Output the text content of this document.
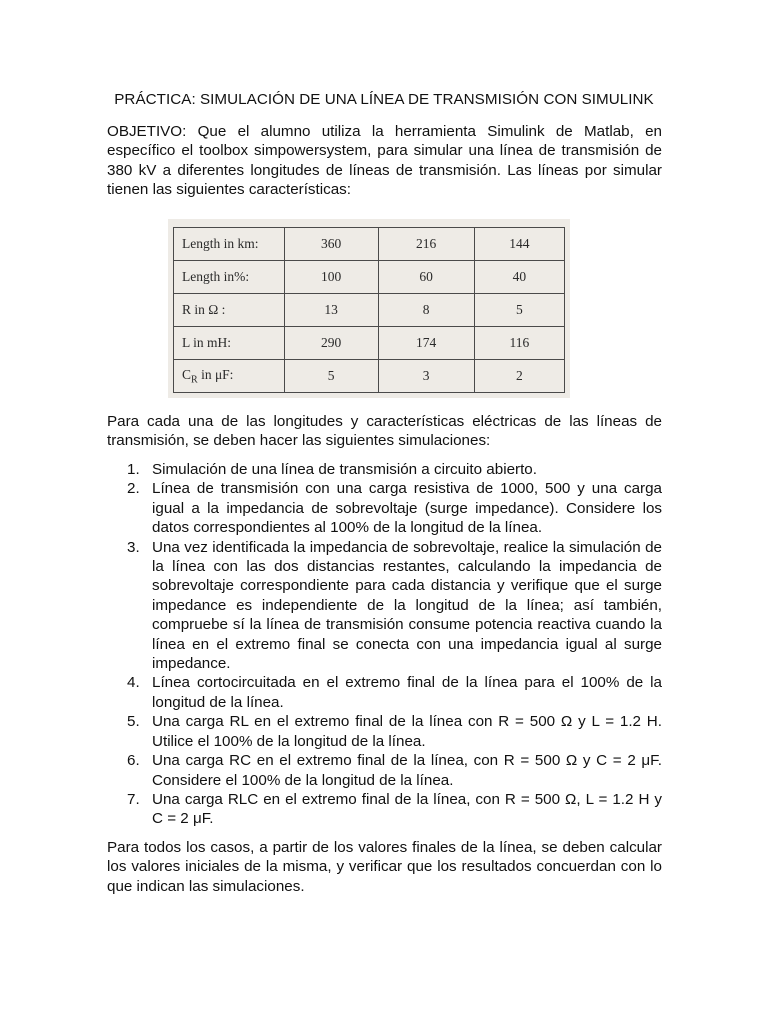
PRÁCTICA: SIMULACIÓN DE UNA LÍNEA DE TRANSMISIÓN CON SIMULINK

OBJETIVO: Que el alumno utiliza la herramienta Simulink de Matlab, en específico el toolbox simpowersystem, para simular una línea de transmisión de 380 kV a diferentes longitudes de líneas de transmisión. Las líneas por simular tienen las siguientes características:

Length in km:	360	216	144
Length in%:	100	60	40
R in Ω :	13	8	5
L in mH:	290	174	116
$C_R$ in μF:	5	3	2

Para cada una de las longitudes y características eléctricas de las líneas de transmisión, se deben hacer las siguientes simulaciones:

1. Simulación de una línea de transmisión a circuito abierto.
2. Línea de transmisión con una carga resistiva de 1000, 500 y una carga igual a la impedancia de sobrevoltaje (surge impedance). Considere los datos correspondientes al 100% de la longitud de la línea.
3. Una vez identificada la impedancia de sobrevoltaje, realice la simulación de la línea con las dos distancias restantes, calculando la impedancia de sobrevoltaje correspondiente para cada distancia y verifique que el surge impedance es independiente de la longitud de la línea; así también, compruebe sí la línea de transmisión consume potencia reactiva cuando la línea en el extremo final se conecta con una impedancia igual al surge impedance.
4. Línea cortocircuitada en el extremo final de la línea para el 100% de la longitud de la línea.
5. Una carga RL en el extremo final de la línea con R = 500 Ω y L = 1.2 H. Utilice el 100% de la longitud de la línea.
6. Una carga RC en el extremo final de la línea, con R = 500 Ω y C = 2 μF. Considere el 100% de la longitud de la línea.
7. Una carga RLC en el extremo final de la línea, con R = 500 Ω, L = 1.2 H y C = 2 μF.

Para todos los casos, a partir de los valores finales de la línea, se deben calcular los valores iniciales de la misma, y verificar que los resultados concuerdan con lo que indican las simulaciones.
